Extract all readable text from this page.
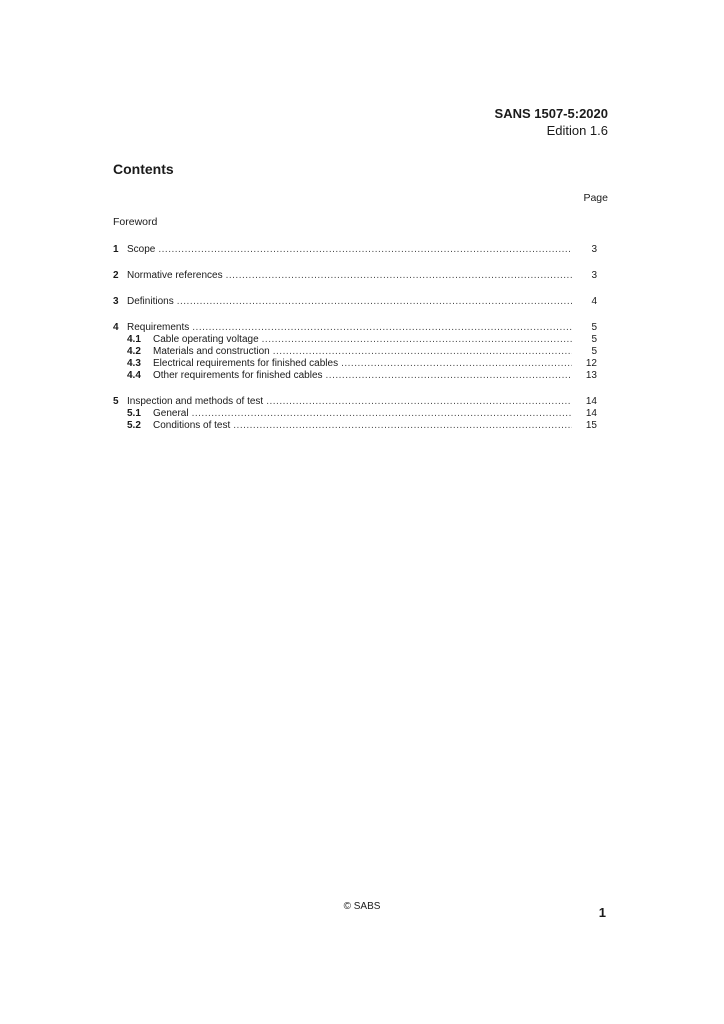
SANS 1507-5:2020
Edition 1.6
Contents
Page
Foreword
1 Scope .....	3
2 Normative references .....	3
3 Definitions .....	4
4 Requirements .....	5
4.1	Cable operating voltage .....	5
4.2	Materials and construction .....	5
4.3	Electrical requirements for finished cables .....	12
4.4	Other requirements for finished cables .....	13
5 Inspection and methods of test .....	14
5.1	General .....	14
5.2	Conditions of test .....	15
© SABS	1
